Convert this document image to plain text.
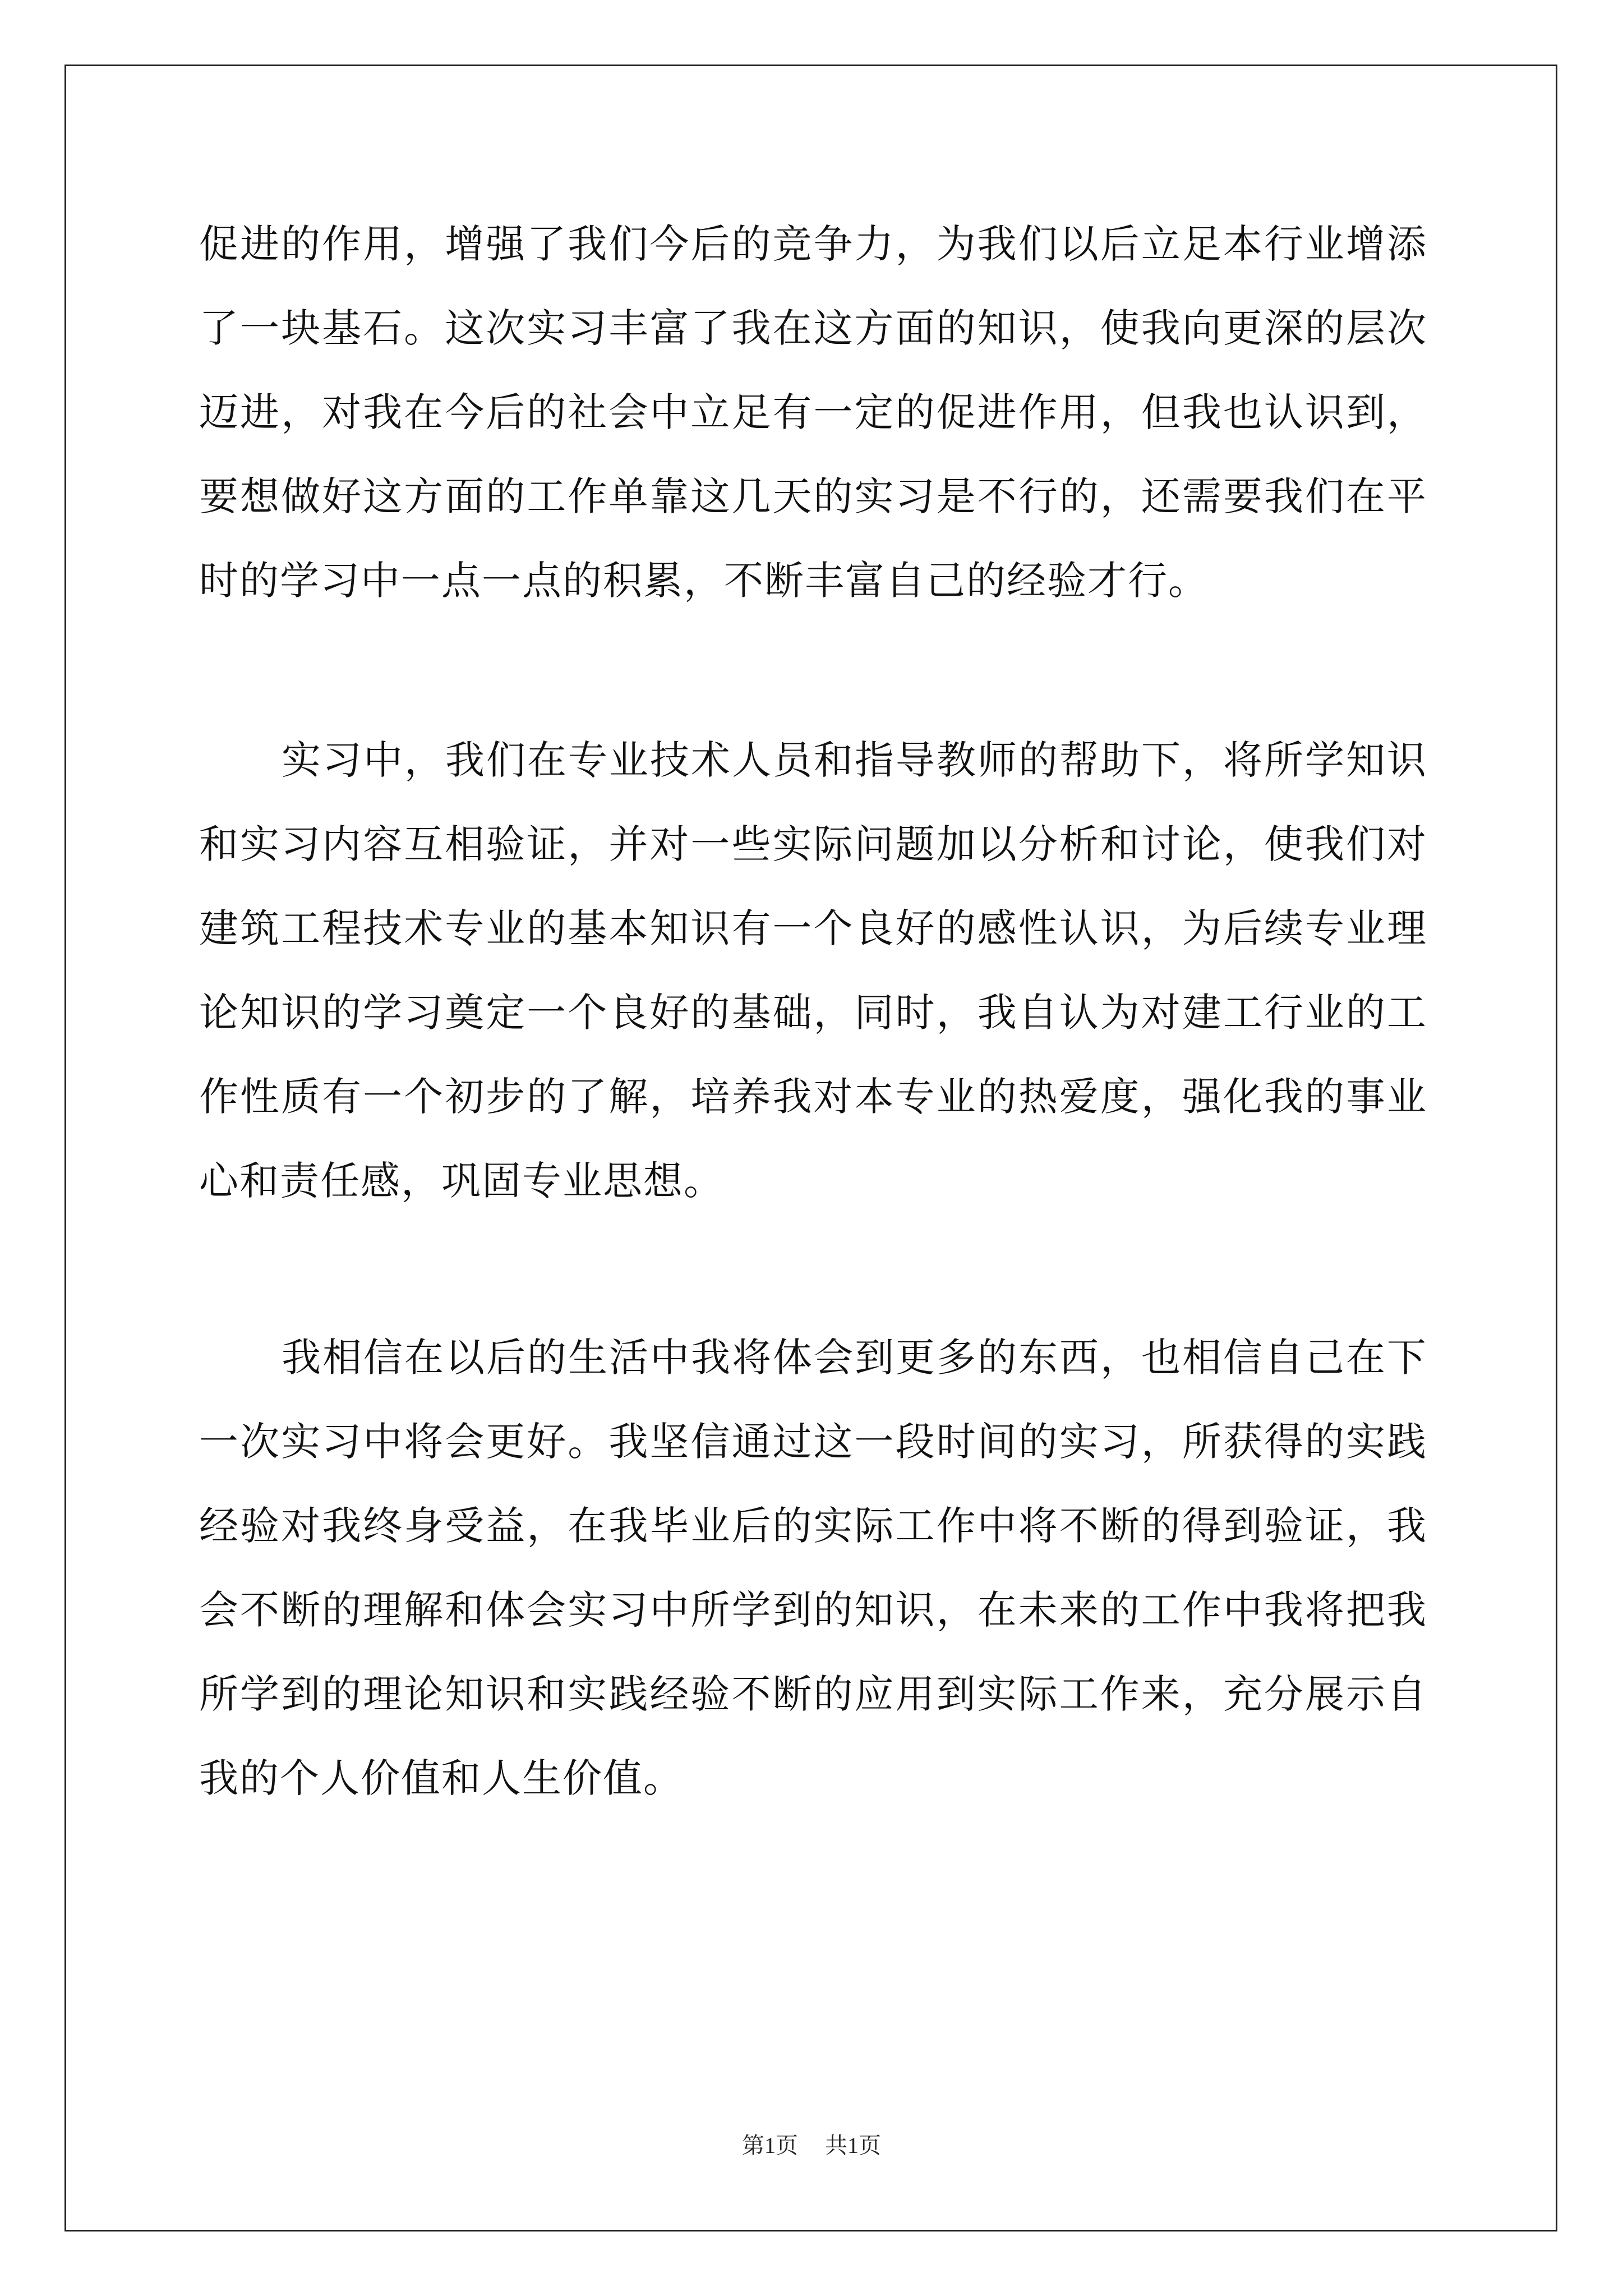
促进的作用，增强了我们今后的竞争力，为我们以后立足本行业增添
了一块基石。这次实习丰富了我在这方面的知识，使我向更深的层次
迈进，对我在今后的社会中立足有一定的促进作用，但我也认识到，
要想做好这方面的工作单靠这几天的实习是不行的，还需要我们在平
时的学习中一点一点的积累，不断丰富自己的经验才行。
实习中，我们在专业技术人员和指导教师的帮助下，将所学知识
和实习内容互相验证，并对一些实际问题加以分析和讨论，使我们对
建筑工程技术专业的基本知识有一个良好的感性认识，为后续专业理
论知识的学习奠定一个良好的基础，同时，我自认为对建工行业的工
作性质有一个初步的了解，培养我对本专业的热爱度，强化我的事业
心和责任感，巩固专业思想。
我相信在以后的生活中我将体会到更多的东西，也相信自己在下
一次实习中将会更好。我坚信通过这一段时间的实习，所获得的实践
经验对我终身受益，在我毕业后的实际工作中将不断的得到验证，我
会不断的理解和体会实习中所学到的知识，在未来的工作中我将把我
所学到的理论知识和实践经验不断的应用到实际工作来，充分展示自
我的个人价值和人生价值。
第1页 共1页
